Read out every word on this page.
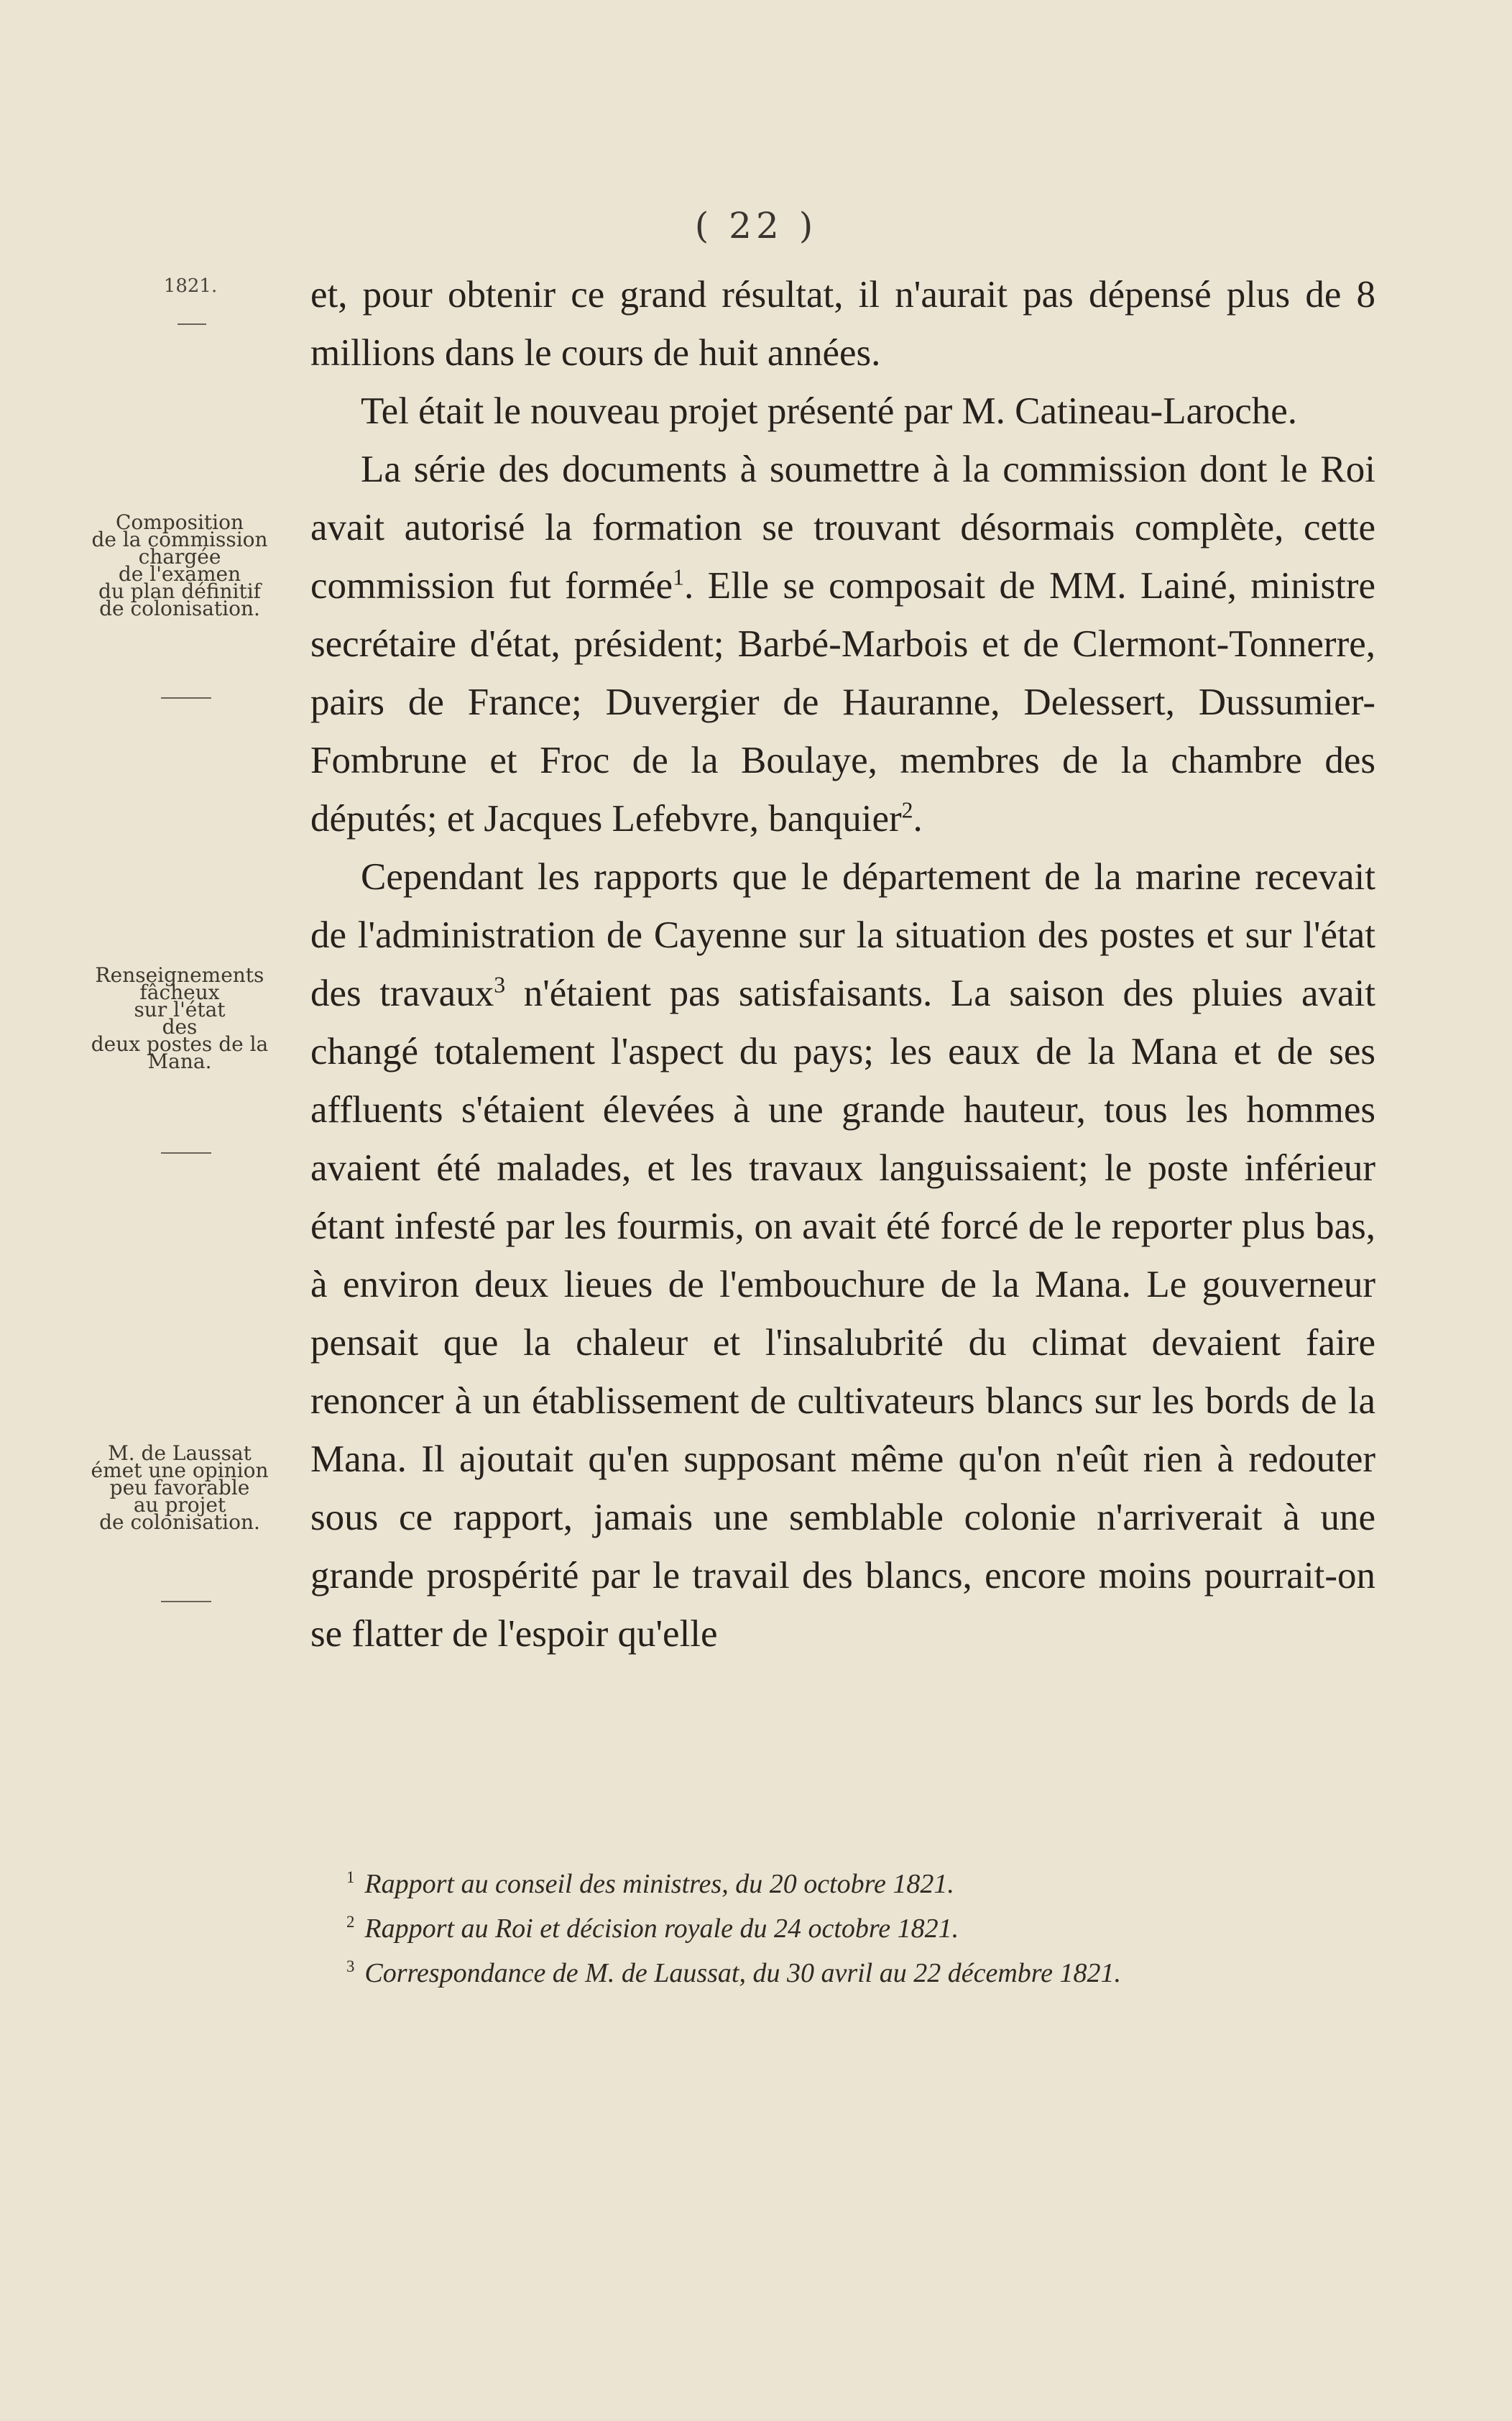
( 22 )
1821.
Composition
de la commission
chargée
de l'examen
du plan définitif
de colonisation.
Renseignements
fâcheux
sur l'état
des
deux postes de la
Mana.
M. de Laussat
émet une opinion
peu favorable
au projet
de colonisation.

et, pour obtenir ce grand résultat, il n'aurait pas dépensé plus de 8 millions dans le cours de huit années.

Tel était le nouveau projet présenté par M. Catineau-Laroche.

La série des documents à soumettre à la commission dont le Roi avait autorisé la formation se trouvant désormais complète, cette commission fut formée$^1$. Elle se composait de MM. Lainé, ministre secrétaire d'état, président; Barbé-Marbois et de Clermont-Tonnerre, pairs de France; Duvergier de Hauranne, Delessert, Dussumier-Fombrune et Froc de la Boulaye, membres de la chambre des députés; et Jacques Lefebvre, banquier$^2$.

Cependant les rapports que le département de la marine recevait de l'administration de Cayenne sur la situation des postes et sur l'état des travaux$^3$ n'étaient pas satisfaisants. La saison des pluies avait changé totalement l'aspect du pays; les eaux de la Mana et de ses affluents s'étaient élevées à une grande hauteur, tous les hommes avaient été malades, et les travaux languissaient; le poste inférieur étant infesté par les fourmis, on avait été forcé de le reporter plus bas, à environ deux lieues de l'embouchure de la Mana. Le gouverneur pensait que la chaleur et l'insalubrité du climat devaient faire renoncer à un établissement de cultivateurs blancs sur les bords de la Mana. Il ajoutait qu'en supposant même qu'on n'eût rien à redouter sous ce rapport, jamais une semblable colonie n'arriverait à une grande prospérité par le travail des blancs, encore moins pourrait-on se flatter de l'espoir qu'elle

$^1$ Rapport au conseil des ministres, du 20 octobre 1821.
$^2$ Rapport au Roi et décision royale du 24 octobre 1821.
$^3$ Correspondance de M. de Laussat, du 30 avril au 22 décembre 1821.
